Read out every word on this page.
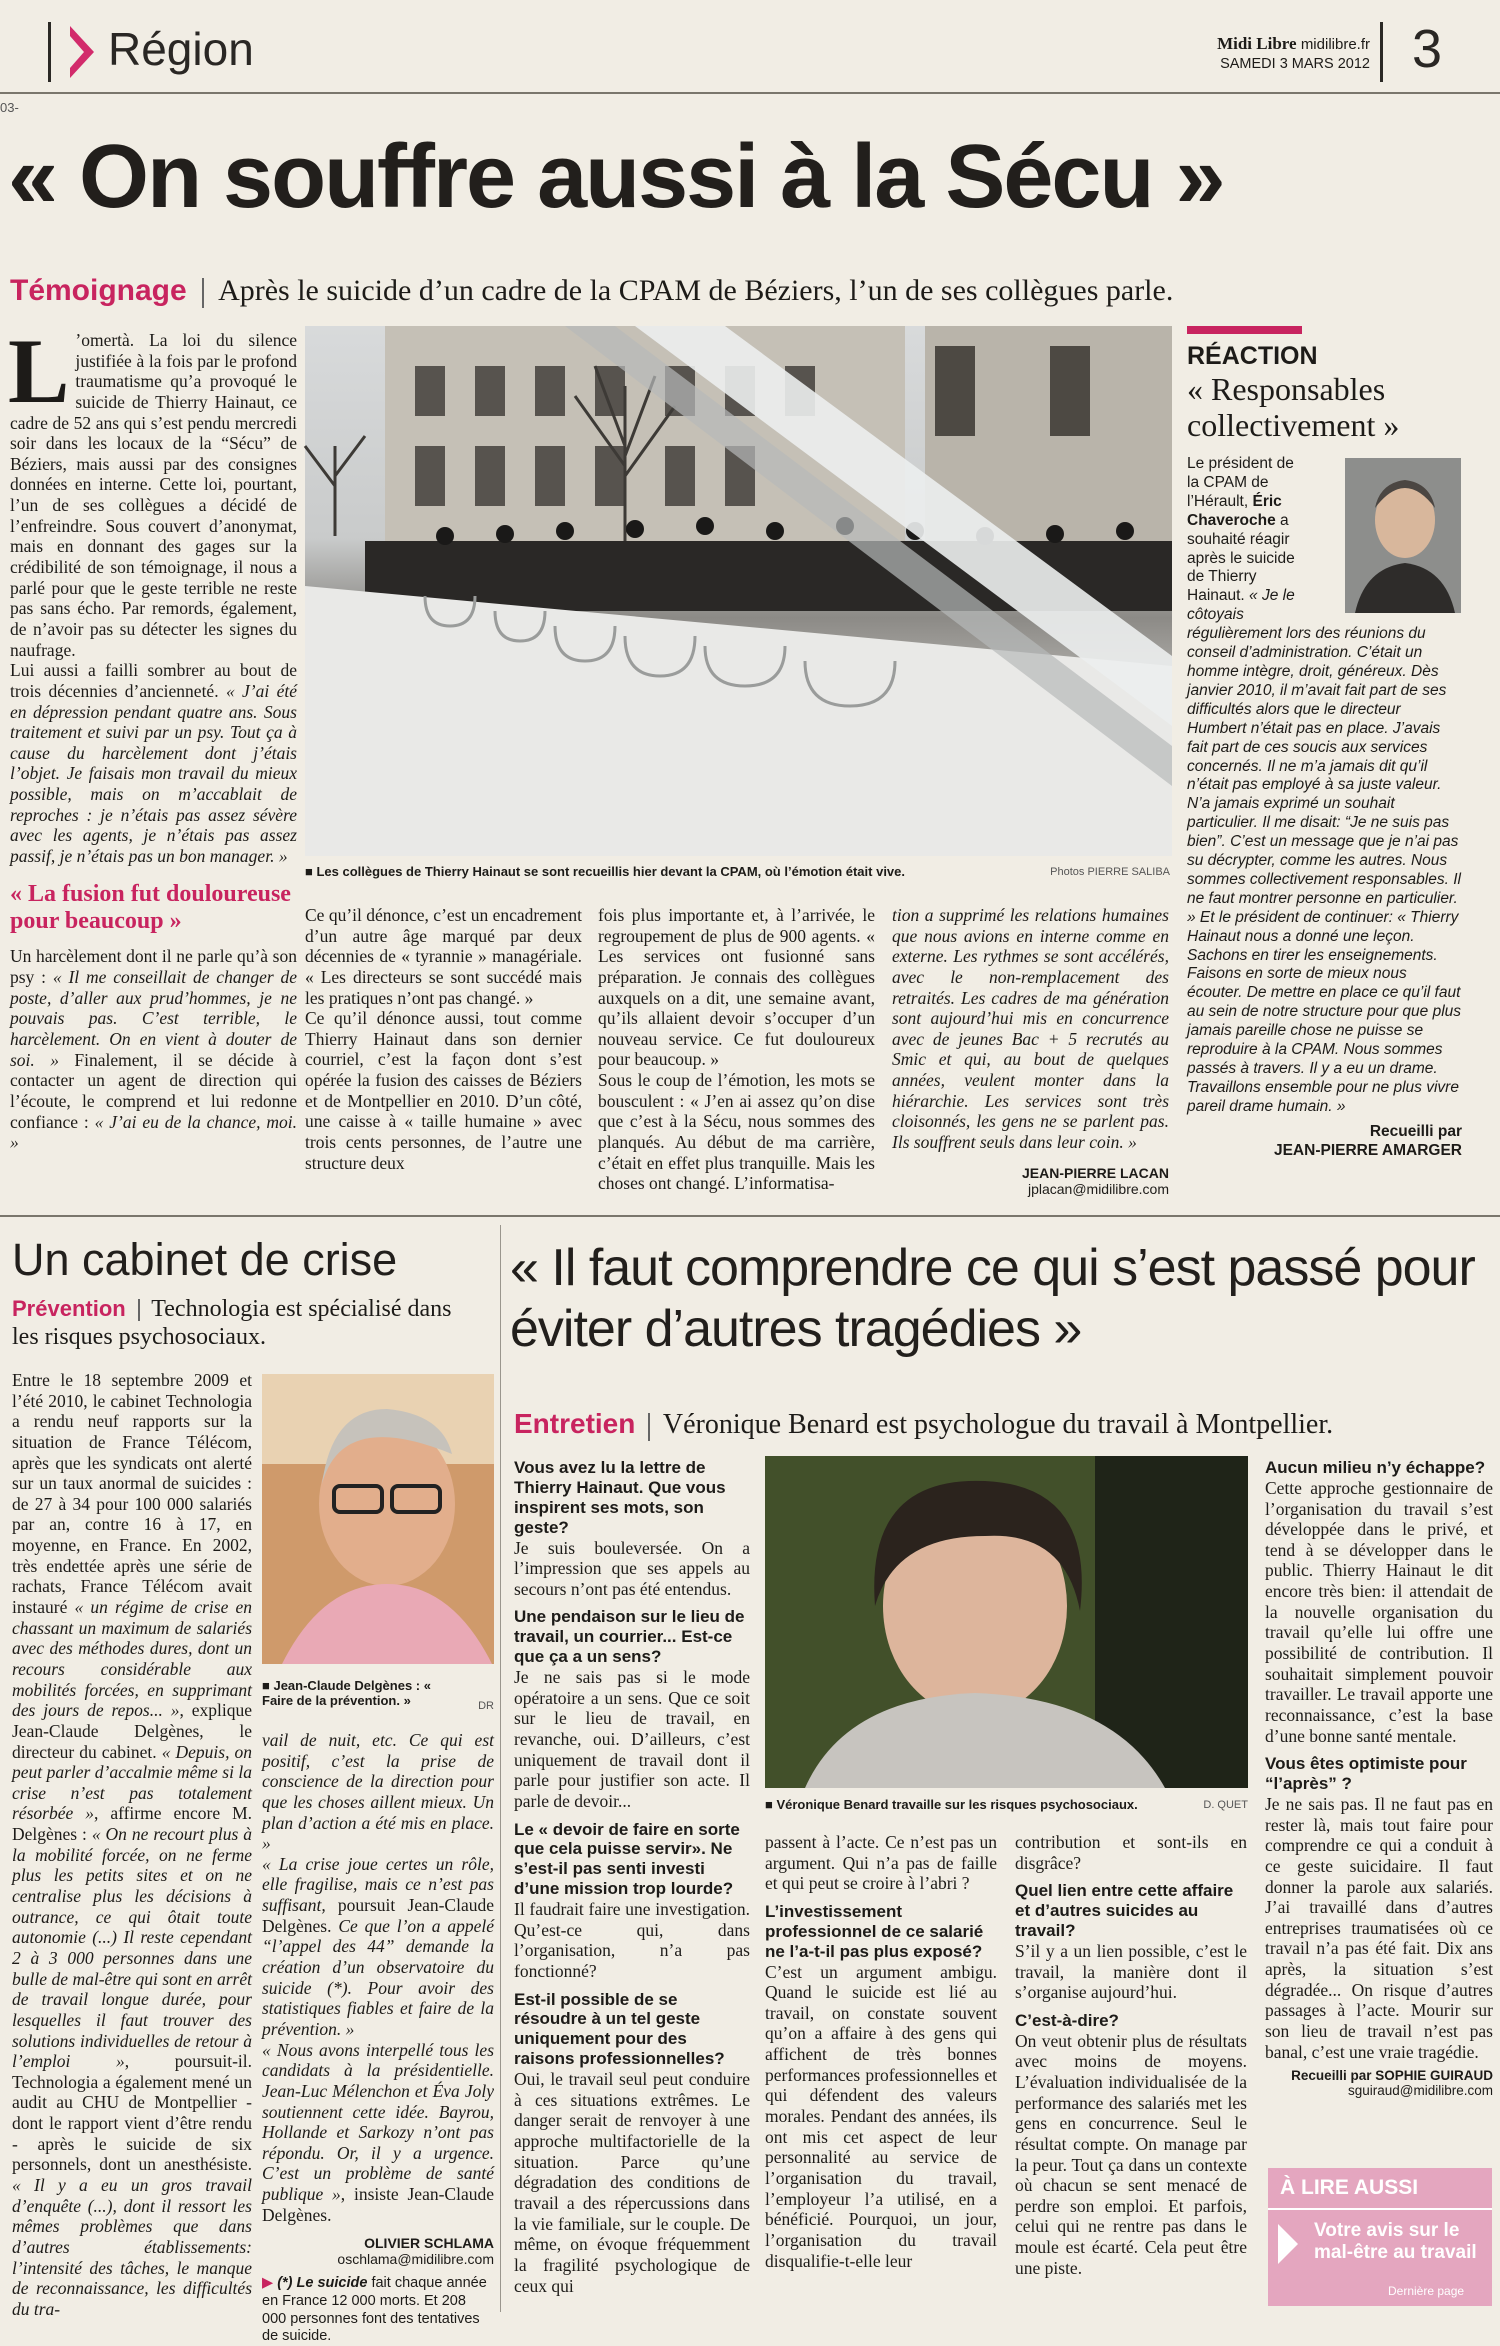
Région
03-
Midi Libre midilibre.fr
SAMEDI 3 MARS 2012 3
« On souffre aussi à la Sécu »
Témoignage Après le suicide d’un cadre de la CPAM de Béziers, l’un de ses collègues parle.

L ’omertà. La loi du silence justifiée à la fois par le profond traumatisme qu’a provoqué le suicide de Thierry Hainaut, ce cadre de 52 ans qui s’est pendu mercredi soir dans les locaux de la “Sécu” de Béziers, mais aussi par des consignes données en interne. Cette loi, pourtant, l’un de ses collègues a décidé de l’enfreindre. Sous couvert d’anonymat, mais en donnant des gages sur la crédibilité de son témoignage, il nous a parlé pour que le geste terrible ne reste pas sans écho. Par remords, également, de n’avoir pas su détecter les signes du naufrage.

Lui aussi a failli sombrer au bout de trois décennies d’ancienneté. « J’ai été en dépression pendant quatre ans. Sous traitement et suivi par un psy. Tout ça à cause du harcèlement dont j’étais l’objet. Je faisais mon travail du mieux possible, mais on m’accablait de reproches : je n’étais pas assez sévère avec les agents, je n’étais pas assez passif, je n’étais pas un bon manager. »

« La fusion fut douloureuse pour beaucoup »

Un harcèlement dont il ne parle qu’à son psy : « Il me conseillait de changer de poste, d’aller aux prud’hommes, je ne pouvais pas. C’est terrible, le harcèlement. On en vient à douter de soi. » Finalement, il se décide à contacter un agent de direction qui l’écoute, le comprend et lui redonne confiance : « J’ai eu de la chance, moi. »

■ Les collègues de Thierry Hainaut se sont recueillis hier devant la CPAM, où l’émotion était vive.	Photos PIERRE SALIBA

Ce qu’il dénonce, c’est un encadrement d’un autre âge marqué par deux décennies de « tyrannie » managériale. « Les directeurs se sont succédé mais les pratiques n’ont pas changé. »

Ce qu’il dénonce aussi, tout comme Thierry Hainaut dans son dernier courriel, c’est la façon dont s’est opérée la fusion des caisses de Béziers et de Montpellier en 2010. D’un côté, une caisse à « taille humaine » avec trois cents personnes, de l’autre une structure deux

fois plus importante et, à l’arrivée, le regroupement de plus de 900 agents. « Les services ont fusionné sans préparation. Je connais des collègues auxquels on a dit, une semaine avant, qu’ils allaient devoir s’occuper d’un nouveau service. Ce fut douloureux pour beaucoup. »

Sous le coup de l’émotion, les mots se bousculent : « J’en ai assez qu’on dise que c’est à la Sécu, nous sommes des planqués. Au début de ma carrière, c’était en effet plus tranquille. Mais les choses ont changé. L’informatisa-

tion a supprimé les relations humaines que nous avions en interne comme en externe. Les rythmes se sont accélérés, avec le non-remplacement des retraités. Les cadres de ma génération sont aujourd’hui mis en concurrence avec de jeunes Bac + 5 recrutés au Smic et qui, au bout de quelques années, veulent monter dans la hiérarchie. Les services sont très cloisonnés, les gens ne se parlent pas. Ils souffrent seuls dans leur coin. »

JEAN-PIERRE LACAN
jplacan@midilibre.com
RÉACTION
« Responsables collectivement »
Le président de la CPAM de l’Hérault, Éric Chaveroche a souhaité réagir après le suicide de Thierry Hainaut. « Je le côtoyais régulièrement lors des réunions du conseil d’administration. C’était un homme intègre, droit, généreux. Dès janvier 2010, il m’avait fait part de ses difficultés alors que le directeur Humbert n’était pas en place. J’avais fait part de ces soucis aux services concernés. Il ne m’a jamais dit qu’il n’était pas employé à sa juste valeur. N’a jamais exprimé un souhait particulier. Il me disait: “Je ne suis pas bien”. C’est un message que je n’ai pas su décrypter, comme les autres. Nous sommes collectivement responsables. Il ne faut montrer personne en particulier. » Et le président de continuer: « Thierry Hainaut nous a donné une leçon. Sachons en tirer les enseignements. Faisons en sorte de mieux nous écouter. De mettre en place ce qu’il faut au sein de notre structure pour que plus jamais pareille chose ne puisse se reproduire à la CPAM. Nous sommes passés à travers. Il y a eu un drame. Travaillons ensemble pour ne plus vivre pareil drame humain. »
Recueilli par
JEAN-PIERRE AMARGER
Un cabinet de crise
Prévention Technologia est spécialisé dans les risques psychosociaux.

Entre le 18 septembre 2009 et l’été 2010, le cabinet Technologia a rendu neuf rapports sur la situation de France Télécom, après que les syndicats ont alerté sur un taux anormal de suicides : de 27 à 34 pour 100 000 salariés par an, contre 16 à 17, en moyenne, en France. En 2002, très endettée après une série de rachats, France Télécom avait instauré « un régime de crise en chassant un maximum de salariés avec des méthodes dures, dont un recours considérable aux mobilités forcées, en supprimant des jours de repos... », explique Jean-Claude Delgènes, le directeur du cabinet. « Depuis, on peut parler d’accalmie même si la crise n’est pas totalement résorbée », affirme encore M. Delgènes : « On ne recourt plus à la mobilité forcée, on ne ferme plus les petits sites et on ne centralise plus les décisions à outrance, ce qui ôtait toute autonomie (...) Il reste cependant 2 à 3 000 personnes dans une bulle de mal-être qui sont en arrêt de travail longue durée, pour lesquelles il faut trouver des solutions individuelles de retour à l’emploi », poursuit-il. Technologia a également mené un audit au CHU de Montpellier - dont le rapport vient d’être rendu - après le suicide de six personnels, dont un anesthésiste. « Il y a eu un gros travail d’enquête (...), dont il ressort les mêmes problèmes que dans d’autres établissements: l’intensité des tâches, le manque de reconnaissance, les difficultés du tra-

■ Jean-Claude Delgènes : « Faire de la prévention. »	DR

vail de nuit, etc. Ce qui est positif, c’est la prise de conscience de la direction pour que les choses aillent mieux. Un plan d’action a été mis en place. »

« La crise joue certes un rôle, elle fragilise, mais ce n’est pas suffisant, poursuit Jean-Claude Delgènes. Ce que l’on a appelé “l’appel des 44” demande la création d’un observatoire du suicide (*). Pour avoir des statistiques fiables et faire de la prévention. »

« Nous avons interpellé tous les candidats à la présidentielle. Jean-Luc Mélenchon et Éva Joly soutiennent cette idée. Bayrou, Hollande et Sarkozy n’ont pas répondu. Or, il y a urgence. C’est un problème de santé publique », insiste Jean-Claude Delgènes.

OLIVIER SCHLAMA
oschlama@midilibre.com
▶ (*) Le suicide fait chaque année en France 12 000 morts. Et 208 000 personnes font des tentatives de suicide.
« Il faut comprendre ce qui s’est passé pour éviter d’autres tragédies »
Entretien Véronique Benard est psychologue du travail à Montpellier.
Vous avez lu la lettre de Thierry Hainaut. Que vous inspirent ses mots, son geste?

Je suis bouleversée. On a l’impression que ses appels au secours n’ont pas été entendus.

Une pendaison sur le lieu de travail, un courrier... Est-ce que ça a un sens?

Je ne sais pas si le mode opératoire a un sens. Que ce soit sur le lieu de travail, en revanche, oui. D’ailleurs, c’est uniquement de travail dont il parle pour justifier son acte. Il parle de devoir...

Le « devoir de faire en sorte que cela puisse servir». Ne s’est-il pas senti investi d’une mission trop lourde?

Il faudrait faire une investigation. Qu’est-ce qui, dans l’organisation, n’a pas fonctionné?

Est-il possible de se résoudre à un tel geste uniquement pour des raisons professionnelles?

Oui, le travail seul peut conduire à ces situations extrêmes. Le danger serait de renvoyer à une approche multifactorielle de la situation. Parce qu’une dégradation des conditions de travail a des répercussions dans la vie familiale, sur le couple. De même, on évoque fréquemment la fragilité psychologique de ceux qui

■ Véronique Benard travaille sur les risques psychosociaux.	D. QUET

passent à l’acte. Ce n’est pas un argument. Qui n’a pas de faille et qui peut se croire à l’abri ?

L’investissement professionnel de ce salarié ne l’a-t-il pas plus exposé?

C’est un argument ambigu. Quand le suicide est lié au travail, on constate souvent qu’on a affaire à des gens qui affichent de très bonnes performances professionnelles et qui défendent des valeurs morales. Pendant des années, ils ont mis cet aspect de leur personnalité au service de l’organisation du travail, l’employeur l’a utilisé, en a bénéficié. Pourquoi, un jour, l’organisation du travail disqualifie-t-elle leur

contribution et sont-ils en disgrâce?

Quel lien entre cette affaire et d’autres suicides au travail?

S’il y a un lien possible, c’est le travail, la manière dont il s’organise aujourd’hui.

C’est-à-dire?

On veut obtenir plus de résultats avec moins de moyens. L’évaluation individualisée de la performance des salariés met les gens en concurrence. Seul le résultat compte. On manage par la peur. Tout ça dans un contexte où chacun se sent menacé de perdre son emploi. Et parfois, celui qui ne rentre pas dans le moule est écarté. Cela peut être une piste.

Aucun milieu n’y échappe?

Cette approche gestionnaire de l’organisation du travail s’est développée dans le privé, et tend à se développer dans le public. Thierry Hainaut le dit encore très bien: il attendait de la nouvelle organisation du travail qu’elle lui offre une possibilité de contribution. Il souhaitait simplement pouvoir travailler. Le travail apporte une reconnaissance, c’est la base d’une bonne santé mentale.

Vous êtes optimiste pour “l’après” ?

Je ne sais pas. Il ne faut pas en rester là, mais tout faire pour comprendre ce qui a conduit à ce geste suicidaire. Il faut donner la parole aux salariés. J’ai travaillé dans d’autres entreprises traumatisées où ce travail n’a pas été fait. Dix ans après, la situation s’est dégradée... On risque d’autres passages à l’acte. Mourir sur son lieu de travail n’est pas banal, c’est une vraie tragédie.

Recueilli par SOPHIE GUIRAUD
sguiraud@midilibre.com
À LIRE AUSSI
Votre avis sur le mal-être au travail
Dernière page
